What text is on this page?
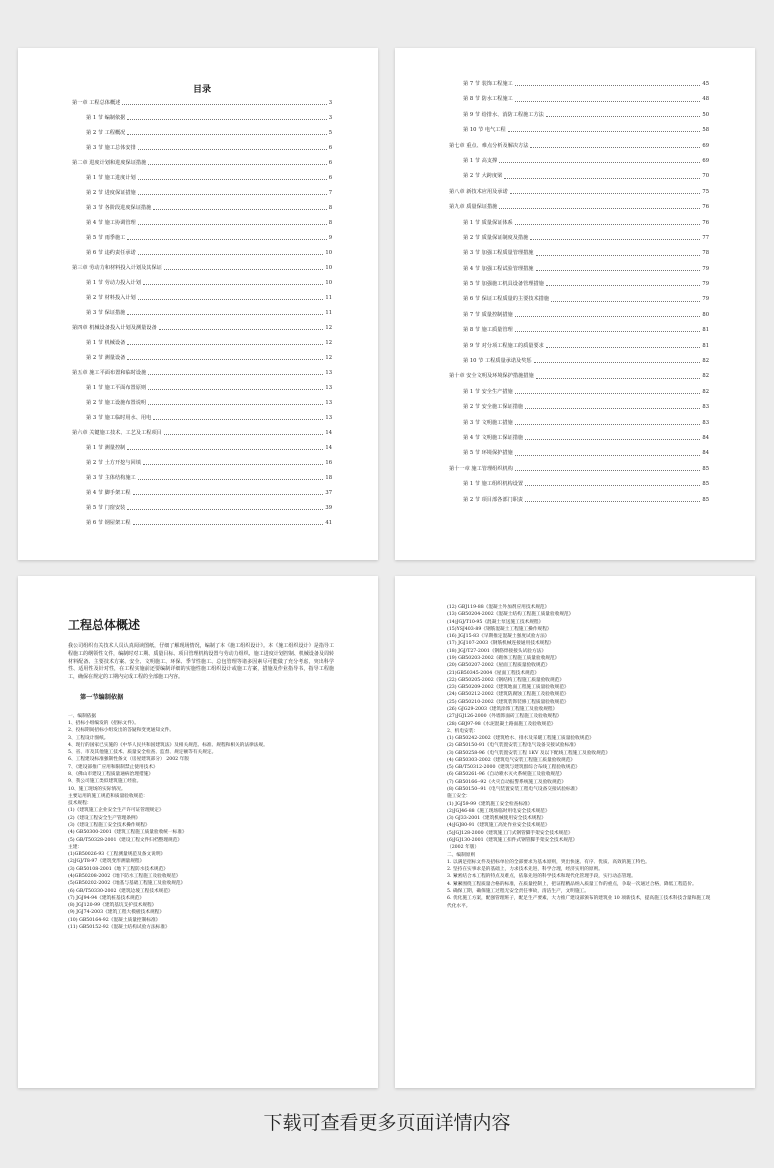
目录
第一章 工程总体概述	3
第 1 节 编制依据	3
第 2 节 工程概况	5
第 3 节 施工总体安排	6
第二章 进度计划和进度保证措施	6
第 1 节 施工进度计划	6
第 2 节 进度保证措施	7
第 3 节 各阶段进度保证措施	8
第 4 节 施工协调管理	8
第 5 节 雨季施工	9
第 6 节 违约责任承诺	10
第三章 劳动力和材料投入计划及其保证	10
第 1 节 劳动力投入计划	10
第 2 节 材料投入计划	11
第 3 节 保证措施	11
第四章 机械设备投入计划及测量设备	12
第 1 节 机械设备	12
第 2 节 测量设备	12
第五章 施工平面布置和临时设施	13
第 1 节 施工平面布置原则	13
第 2 节 施工设施布置说明	13
第 3 节 施工临时用水、用电	13
第六章 关键施工技术、工艺及工程项目	14
第 1 节 测量控制	14
第 2 节 土方开挖与回填	16
第 3 节 主体结构施工	18
第 4 节 脚手架工程	37
第 5 节 门窗安装	39
第 6 节 钢屋架工程	41
第 7 节 装饰工程施工	45
第 8 节 防水工程施工	48
第 9 节 给排水、消防工程施工方法	50
第 10 节 电气工程	58
第七章 重点、难点分析及解决方法	69
第 1 节 高支撑	69
第 2 节 大跨度梁	70
第八章 新技术应用及承诺	75
第九章 质量保证措施	76
第 1 节 质量保证体系	76
第 2 节 质量保证制度及措施	77
第 3 节 加强工程质量管理措施	78
第 4 节 加强工程试验管理措施	79
第 5 节 加强施工机具设备管理措施	79
第 6 节 保证工程质量的主要技术措施	79
第 7 节 质量控制措施	80
第 8 节 施工质量管理	81
第 9 节 对分项工程施工的质量要求	81
第 10 节 工程质量承诺及奖惩	82
第十章 安全文明及环境保护措施措施	82
第 1 节 安全生产措施	82
第 2 节 安全施工保证措施	83
第 3 节 文明施工措施	83
第 4 节 文明施工保证措施	84
第 5 节 环境保护措施	84
第十一章 施工管理组织机构	85
第 1 节 施工组织机构设置	85
第 2 节 项目部各部门职责	85
工程总体概述

我公司组织有关技术人员认真阅读图纸，仔细了解现场情况，编制了本《施工组织设计》。本《施工组织设计》是指导工程施工的纲领性文件，编制时对工期、质量目标、项目管理机构设置与劳动力组织、施工进度计划控制、机械设备及周转材料配备、主要技术方案、安全、文明施工、环保、季节性施工、总包管理等诸多因素尽可能做了充分考虑，突出科学性、适用性及针对性，在工程实施前还要编制详细的实施性施工组织设计或施工方案，措施及作业指导书，指导工程施工，确保在规定的工期内完成工程的全部施工内容。

第一节编制依据
一、编制依据
1、招标小组编发的《招标文件》。
2、投标期间招标小组发出的答疑和变更通知文件。
3、工程设计图纸。
4、现行的国家已实施的《中华人民共和国建筑法》及相关规范、标准、规程和相关的法律法规。
5、省、市及其他施工技术、质量安全检查、监督、规定额等有关规定。
6、工程建设标准强制性条文（房屋建筑部分） 2002 年版
7、《建设部推广应用和限制禁止使用技术》
8、《佛山市建设工程质量通病治理措施》
9、我公司施工类似建筑施工经验。
10、施工现场的实际情况。
主要运用的施工规范和质量验收规范：
技术规程：
(1)《建筑施工企业安全生产许可证管理规定》
(2)《建设工程安全生产管理条例》
(3)《建设工程施工安全技术操作规程》
(4) GB50300-2001《建筑工程施工质量验收统一标准》
(5) GB/T50328-2001《建设工程文件归档整理规范》
主建：
(1)GB50026-93《工程测量规范及条文说明》
(2)JGJ/T8-97《建筑变形测量规程》
(3) GB50108-2001《地下工程防水技术规范》
(4)GB50208-2002《地下防水工程施工及验收规范》
(5)GB50202-2002《地基与基础工程施工及验收规范》
(6) GB/T50330-2002《建筑边坡工程技术规范》
(7) JGJ94-94《建筑桩基技术规范》
(8) JGJ120-99《建筑基坑支护技术规程》
(9) JGJ74-2003《建筑工程大模板技术规程》
(10) GB50164-92《混凝土质量控制标准》
(11) GB50152-92《混凝土结构试验方法标准》
(12) GBJ119-88《混凝土外加剂应用技术规范》
(13) GB50204-2002《混凝土结构工程施工质量验收规范》
(14)JGJ/T10-95《混凝土泵送施工技术规程》
(15)YSJ403-89《钢筋混凝土工程施工操作规程》
(16) JGJ15-83《早期推定混凝土强度试验方法》
(17) JGJ107-2003《钢筋机械连接通用技术规程》
(18) JGJ/T27-2001《钢筋焊接接头试验方法》
(19) GB50203-2002《砌体工程施工质量验收规范》
(20) GB50207-2002《屋面工程质量验收规范》
(21)GB50345-2004《屋面工程技术规范》
(22) GB50205-2002《钢结构工程施工质量验收规范》
(23) GB50209-2002《建筑地面工程施工质量验收规范》
(24) GB50212-2002《建筑防腐蚀工程施工及验收规范》
(25) GB50210-2002《建筑装饰装修工程质量验收规范》
(26) GJG29-2003《建筑涂饰工程施工及验收规程》
(27)JGJ126-2000《外墙饰面砖工程施工及验收规程》
(28) GBJ97-98《水泥混凝土路面施工及验收规范》
2、机电安装：
(1) GB50242-2002《建筑给水、排水及采暖工程施工质量验收规范》
(2) GB50150-91《电气装置安装工程电气设备交接试验标准》
(3) GB50258-96《电气装置安装工程 1KV 及以下配线工程施工及验收规范》
(4) GB50303-2002《建筑电气安装工程施工质量验收规范》
(5) GB/T50312-2000《建筑与建筑群综合布线工程验收规范》
(6) GB50261-96《自动喷水灭火系统施工及验收规范》
(7) GB50166--92《火灾自动报警系统施工及验收规范》
(8) GB50150--91《电气装置安装工程电气设备交接试验标准》
施工安全：
(1) JGJ59-99《建筑施工安全检查标准》
(2)JGJ46-88《施工现场临时用电安全技术规范》
(3) GJ33-2001《建筑机械使用安全技术规程》
(4)JGJ80-91《建筑施工高处作业安全技术规范》
(5)JGJ128-2000《建筑施工门式钢管脚手架安全技术规范》
(6)JGJ130-2001《建筑施工扣件式钢管脚手架安全技术规范》
（2002 年版）
二、编制原则
1. 以满足招标文件及招标单位的全部要求为基本原则，突出快速、有序、优质、高效的施工特色。
2. 坚持在实事求是的基础上，力求技术先进，科学合理，经济实用的原则。
3. 紧密结合本工程的特点及难点，依靠先进的科学技术和现代化管理手段，实行动态管理。
4. 紧紧围绕工程质量合格的标准，在质量控制上，把证程精品纳入质量工作的重点，争取一次通过合格，降低工程造价。
5. 确保工期，确保施工过程无安全责任事故，清洁生产，文明施工。
6. 优化施工方案，配强管理班子，配足生产要素，大力推广建设部颁布的建筑业 10 项新技术，提高施工技术科技含量和施工现代化水平。
下载可查看更多页面详情内容
